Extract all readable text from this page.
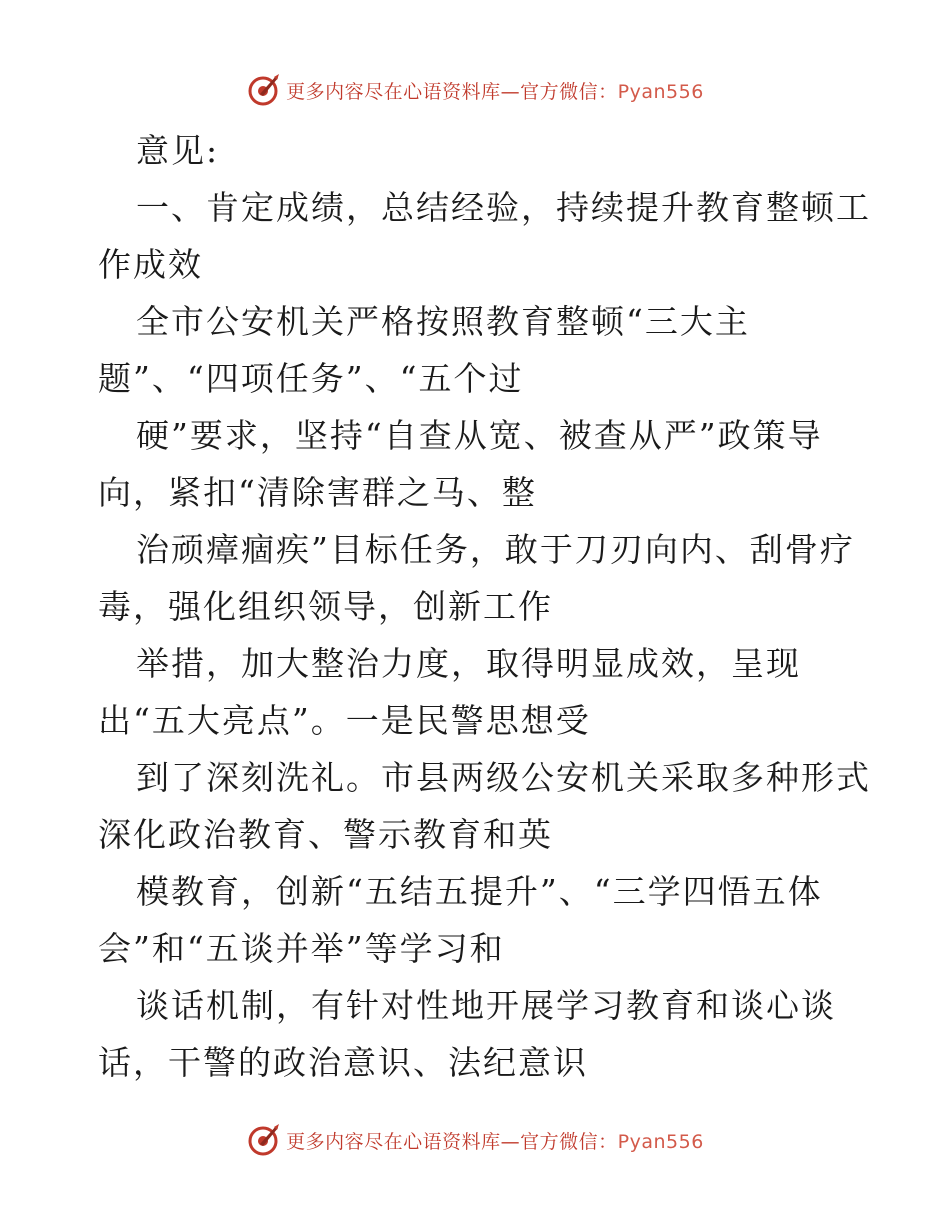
更多内容尽在心语资料库—官方微信：Pyan556
意见:
一、肯定成绩，总结经验，持续提升教育整顿工
作成效
全市公安机关严格按照教育整顿“三大主
题”、“四项任务”、“五个过
硬”要求，坚持“自查从宽、被查从严”政策导
向，紧扣“清除害群之马、整
治顽瘴痼疾”目标任务，敢于刀刃向内、刮骨疗
毒，强化组织领导，创新工作
举措，加大整治力度，取得明显成效，呈现
出“五大亮点”。一是民警思想受
到了深刻洗礼。市县两级公安机关采取多种形式
深化政治教育、警示教育和英
模教育，创新“五结五提升”、“三学四悟五体
会”和“五谈并举”等学习和
谈话机制，有针对性地开展学习教育和谈心谈
话，干警的政治意识、法纪意识
更多内容尽在心语资料库—官方微信：Pyan556
